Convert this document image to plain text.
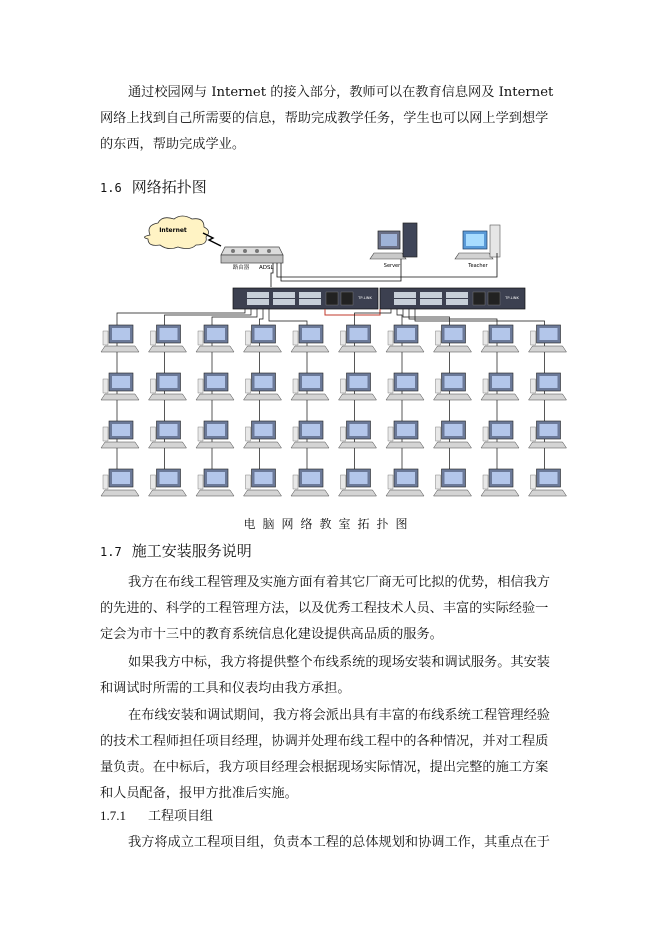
通过校园网与 Internet 的接入部分，教师可以在教育信息网及 Internet 网络上找到自己所需要的信息，帮助完成教学任务，学生也可以网上学到想学的东西，帮助完成学业。

1.6 网络拓扑图
Internet
路由器 ADSL	Server	Teacher
TP-LINK	TP-LINK

电脑网络教室拓扑图

1.7 施工安装服务说明

我方在布线工程管理及实施方面有着其它厂商无可比拟的优势，相信我方的先进的、科学的工程管理方法，以及优秀工程技术人员、丰富的实际经验一定会为市十三中的教育系统信息化建设提供高品质的服务。

如果我方中标，我方将提供整个布线系统的现场安装和调试服务。其安装和调试时所需的工具和仪表均由我方承担。

在布线安装和调试期间，我方将会派出具有丰富的布线系统工程管理经验的技术工程师担任项目经理，协调并处理布线工程中的各种情况，并对工程质量负责。在中标后，我方项目经理会根据现场实际情况，提出完整的施工方案和人员配备，报甲方批准后实施。

1.7.1 工程项目组

我方将成立工程项目组，负责本工程的总体规划和协调工作，其重点在于
